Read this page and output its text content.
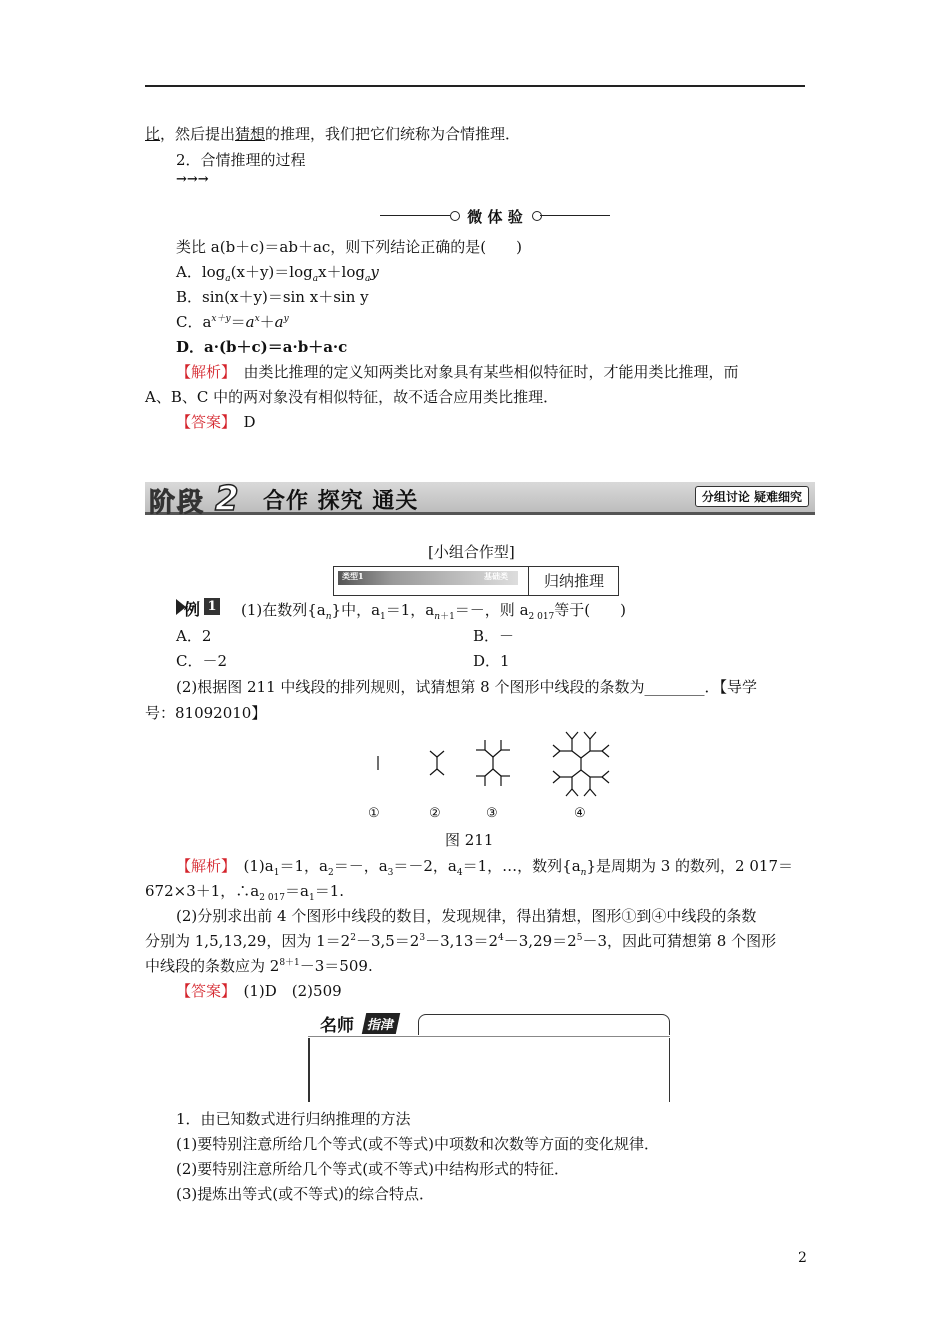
比，然后提出猜想的推理，我们把它们统称为合情推理．
2．合情推理的过程
→→→
微 体 验
类比 a(b＋c)＝ab＋ac，则下列结论正确的是(　　)
A．$\log_a(x+y)=\log_ax+\log_ay$
B．sin(x＋y)＝sin x＋sin y
C．$a^{x+y}=a^x+a^y$
D．a·(b＋c)＝a·b＋a·c
【解析】　由类比推理的定义知两类比对象具有某些相似特征时，才能用类比推理，而
A、B、C 中的两对象没有相似特征，故不适合应用类比推理．
【答案】　D
阶段 2 合作 探究 通关	分组讨论 疑难细究
[小组合作型]
类型1	基础类	归纳推理
例 1 　(1)在数列$\{a_n\}$中，$a_1=1$，$a_{n+1}=-$，则 $a_{2 017}$等于(　　)
A．2	B．－
C．－2	D．1
(2)根据图 211 中线段的排列规则，试猜想第 8 个图形中线段的条数为________．【导学
号：81092010】
①	②	③	④
图 211
【解析】　$(1)a_1=1$，$a_2=-$，$a_3=-2$，$a_4=1$，…，数列$\{a_n\}$是周期为 3 的数列，2 017＝
672×3＋1，$\therefore a_{2 017}=a_1=1$.
(2)分别求出前 4 个图形中线段的数目，发现规律，得出猜想，图形①到④中线段的条数
分别为 1,5,13,29，因为 $1=2^2-3,5=2^3-3,13=2^4-3,29=2^5-3$，因此可猜想第 8 个图形
中线段的条数应为 $2^{8+1}-3=509$.
【答案】　(1)D　(2)509
名师 指津
1．由已知数式进行归纳推理的方法
(1)要特别注意所给几个等式(或不等式)中项数和次数等方面的变化规律．
(2)要特别注意所给几个等式(或不等式)中结构形式的特征．
(3)提炼出等式(或不等式)的综合特点．
2
